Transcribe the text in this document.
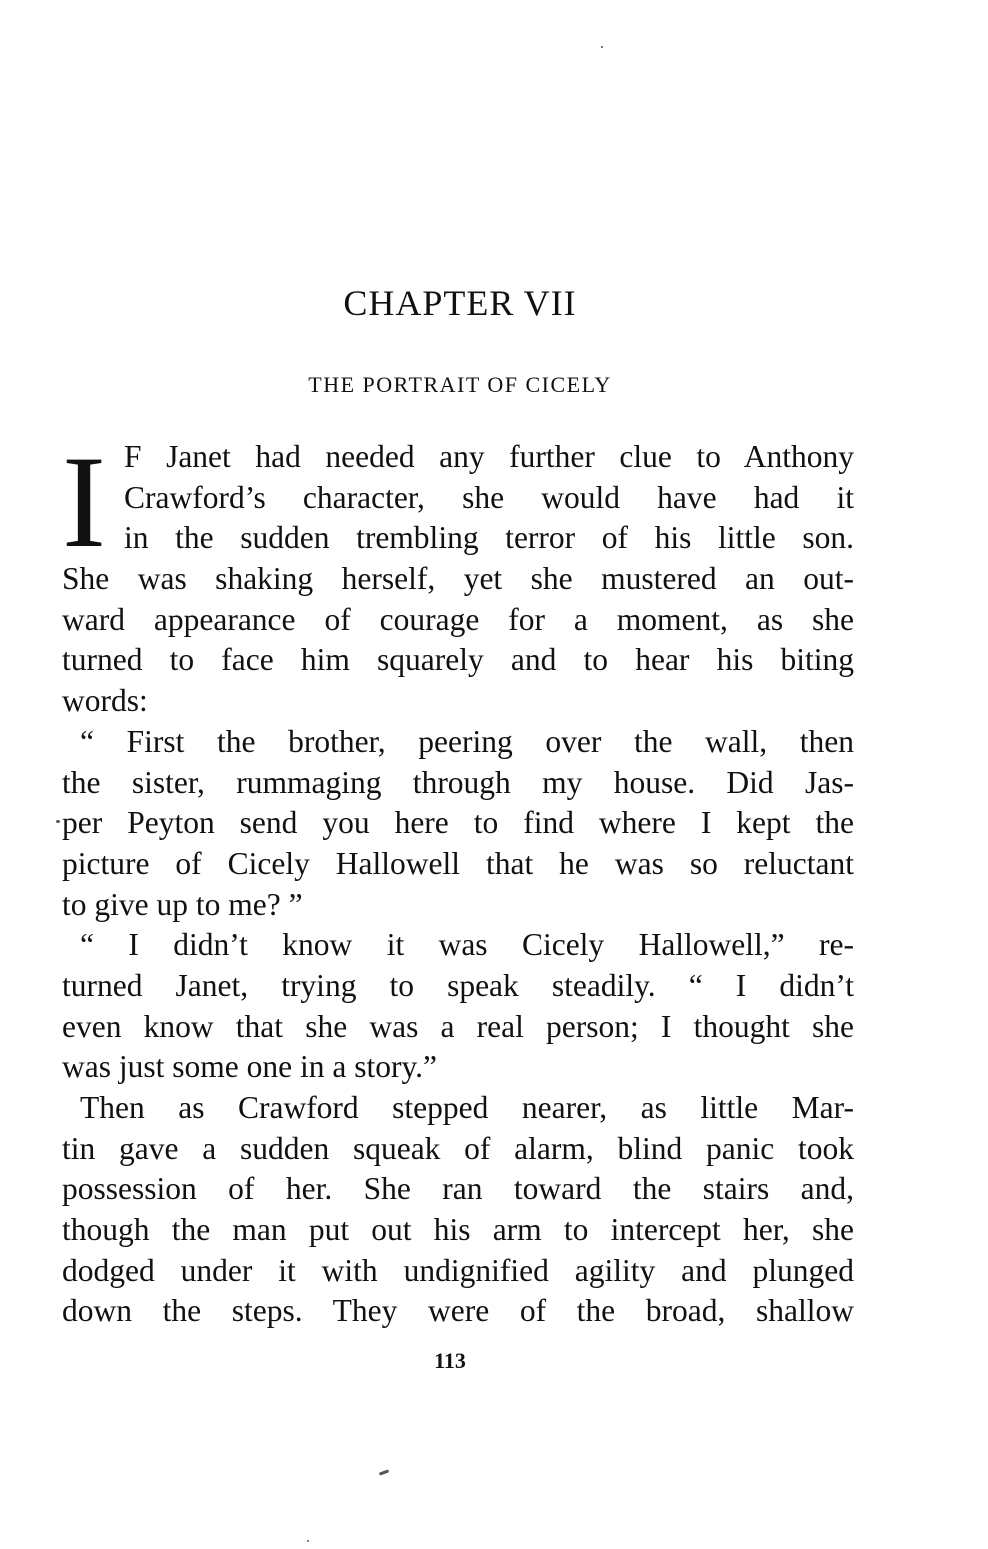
CHAPTER VII
THE PORTRAIT OF CICELY
I F Janet had needed any further clue to Anthony
Crawford’s character, she would have had it
in the sudden trembling terror of his little son.
She was shaking herself, yet she mustered an out-
ward appearance of courage for a moment, as she
turned to face him squarely and to hear his biting
words:
“ First the brother, peering over the wall, then
the sister, rummaging through my house. Did Jas-
per Peyton send you here to find where I kept the
picture of Cicely Hallowell that he was so reluctant
to give up to me? ”
“ I didn’t know it was Cicely Hallowell,” re-
turned Janet, trying to speak steadily. “ I didn’t
even know that she was a real person; I thought she
was just some one in a story.”
Then as Crawford stepped nearer, as little Mar-
tin gave a sudden squeak of alarm, blind panic took
possession of her. She ran toward the stairs and,
though the man put out his arm to intercept her, she
dodged under it with undignified agility and plunged
down the steps. They were of the broad, shallow
113
